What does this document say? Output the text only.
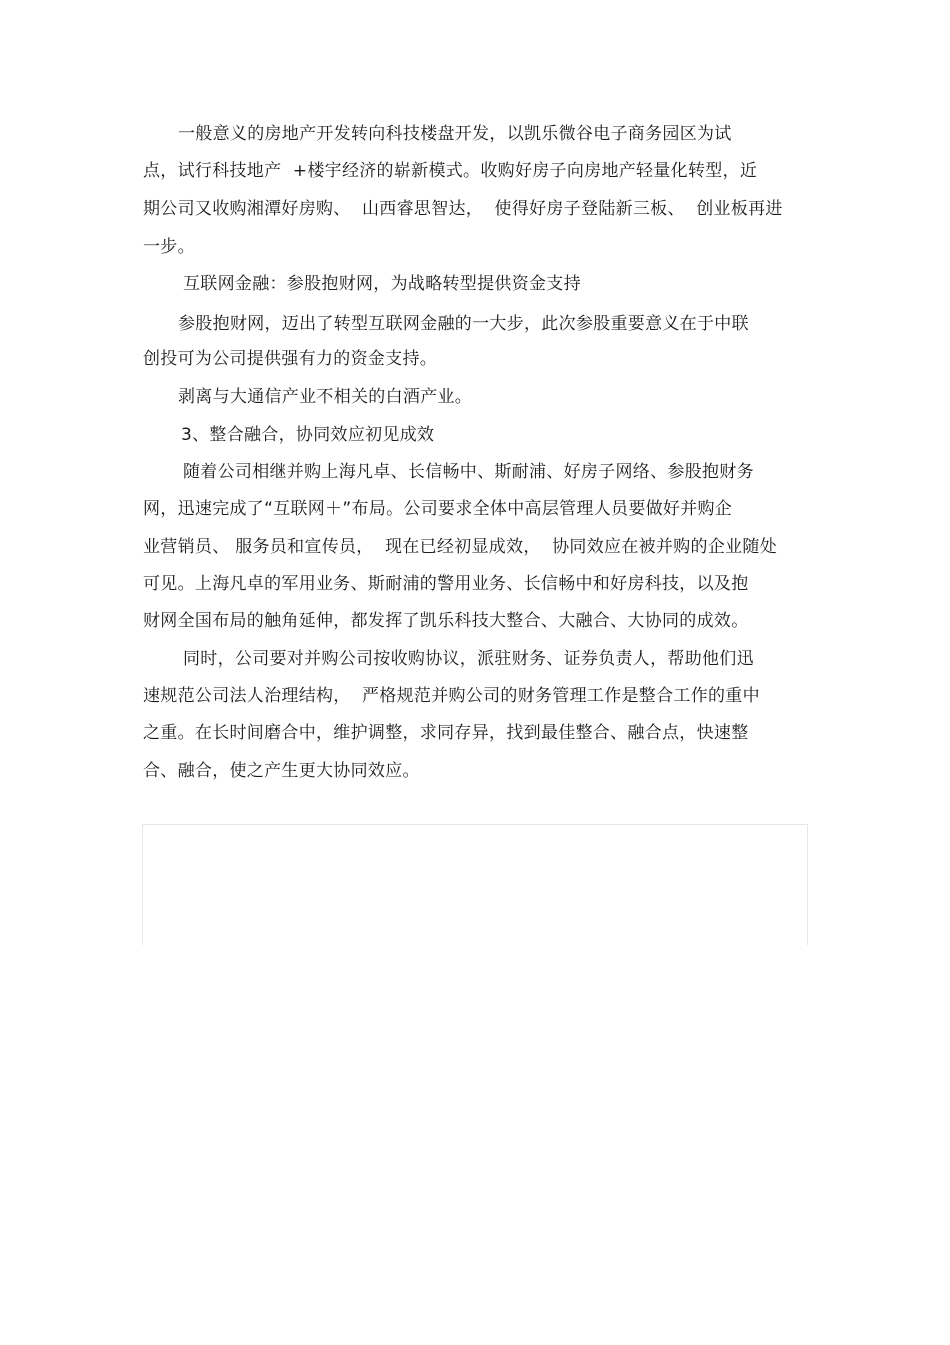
一般意义的房地产开发转向科技楼盘开发，以凯乐微谷电子商务园区为试
点，试行科技地产  +楼宇经济的崭新模式。收购好房子向房地产轻量化转型，近
期公司又收购湘潭好房购、  山西睿思智达，  使得好房子登陆新三板、  创业板再进
一步。
互联网金融：参股抱财网，为战略转型提供资金支持
参股抱财网，迈出了转型互联网金融的一大步，此次参股重要意义在于中联
创投可为公司提供强有力的资金支持。
剥离与大通信产业不相关的白酒产业。
3、整合融合，协同效应初见成效
随着公司相继并购上海凡卓、长信畅中、斯耐浦、好房子网络、参股抱财务
网，迅速完成了“互联网＋”布局。公司要求全体中高层管理人员要做好并购企
业营销员、 服务员和宣传员，  现在已经初显成效，  协同效应在被并购的企业随处
可见。上海凡卓的军用业务、斯耐浦的警用业务、长信畅中和好房科技，以及抱
财网全国布局的触角延伸，都发挥了凯乐科技大整合、大融合、大协同的成效。
同时，公司要对并购公司按收购协议，派驻财务、证券负责人，帮助他们迅
速规范公司法人治理结构，  严格规范并购公司的财务管理工作是整合工作的重中
之重。在长时间磨合中，维护调整，求同存异，找到最佳整合、融合点，快速整
合、融合，使之产生更大协同效应。
